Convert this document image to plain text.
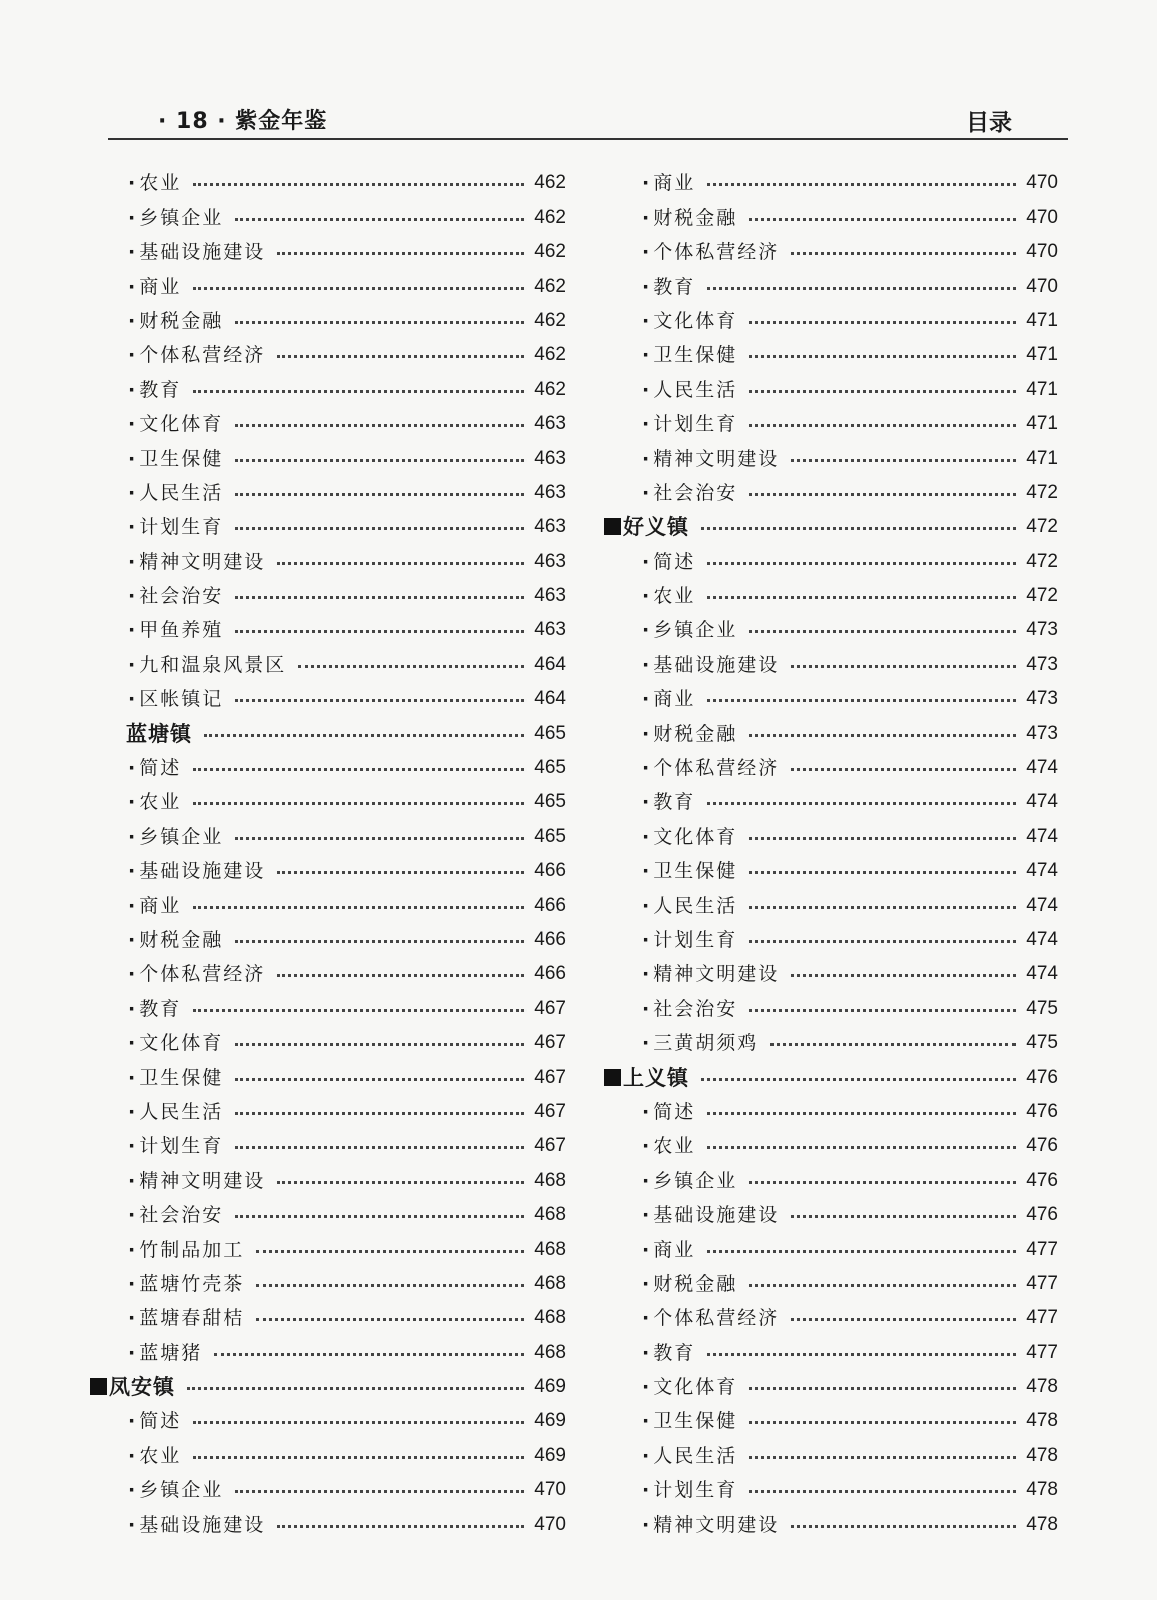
· 18 · 紫金年鉴	目录
· 农业	462
· 乡镇企业	462
· 基础设施建设	462
· 商业	462
· 财税金融	462
· 个体私营经济	462
· 教育	462
· 文化体育	463
· 卫生保健	463
· 人民生活	463
· 计划生育	463
· 精神文明建设	463
· 社会治安	463
· 甲鱼养殖	463
· 九和温泉风景区	464
· 区帐镇记	464
蓝塘镇	465
· 简述	465
· 农业	465
· 乡镇企业	465
· 基础设施建设	466
· 商业	466
· 财税金融	466
· 个体私营经济	466
· 教育	467
· 文化体育	467
· 卫生保健	467
· 人民生活	467
· 计划生育	467
· 精神文明建设	468
· 社会治安	468
· 竹制品加工	468
· 蓝塘竹壳茶	468
· 蓝塘春甜桔	468
· 蓝塘猪	468
凤安镇	469
· 简述	469
· 农业	469
· 乡镇企业	470
· 基础设施建设	470
· 商业	470
· 财税金融	470
· 个体私营经济	470
· 教育	470
· 文化体育	471
· 卫生保健	471
· 人民生活	471
· 计划生育	471
· 精神文明建设	471
· 社会治安	472
好义镇	472
· 简述	472
· 农业	472
· 乡镇企业	473
· 基础设施建设	473
· 商业	473
· 财税金融	473
· 个体私营经济	474
· 教育	474
· 文化体育	474
· 卫生保健	474
· 人民生活	474
· 计划生育	474
· 精神文明建设	474
· 社会治安	475
· 三黄胡须鸡	475
上义镇	476
· 简述	476
· 农业	476
· 乡镇企业	476
· 基础设施建设	476
· 商业	477
· 财税金融	477
· 个体私营经济	477
· 教育	477
· 文化体育	478
· 卫生保健	478
· 人民生活	478
· 计划生育	478
· 精神文明建设	478
